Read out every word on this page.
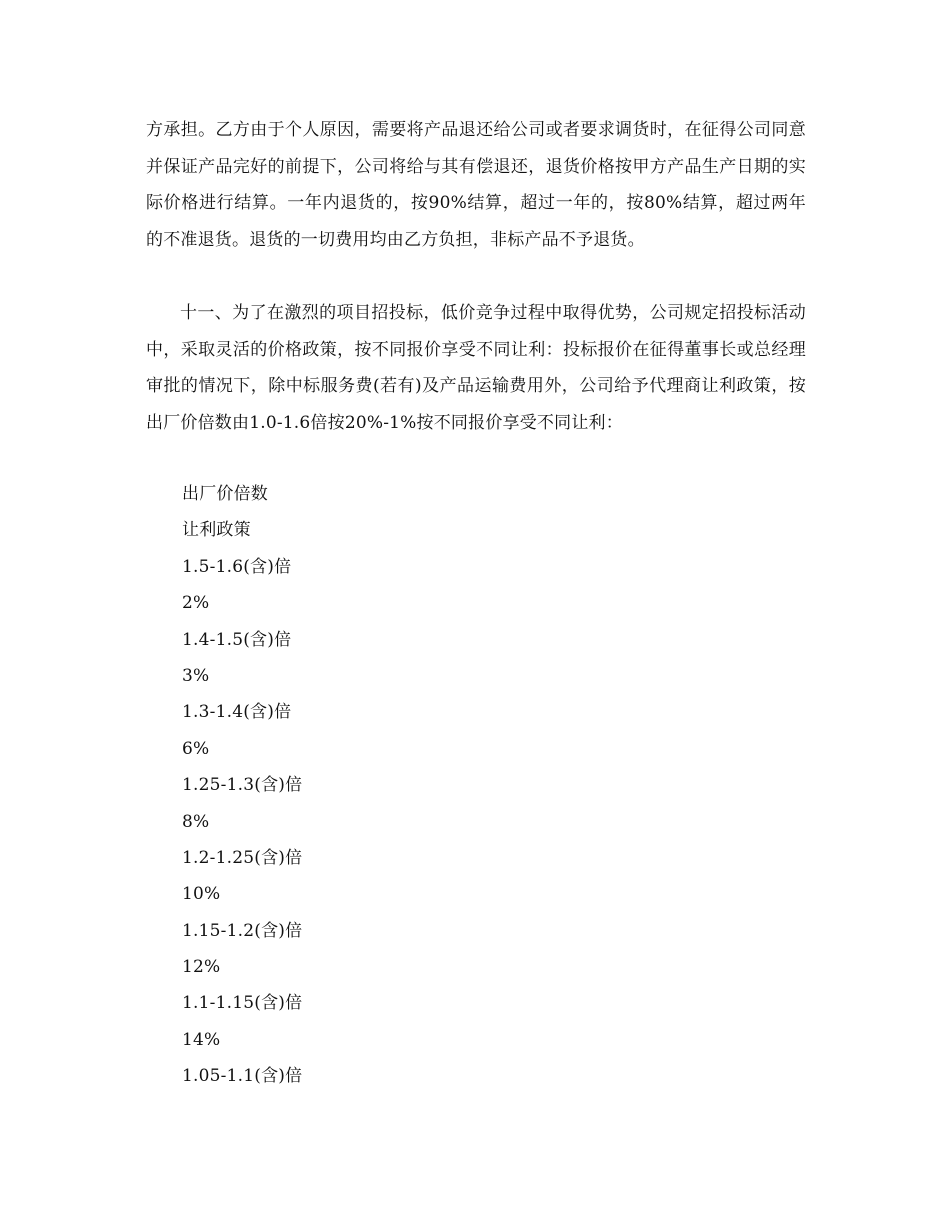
方承担。乙方由于个人原因，需要将产品退还给公司或者要求调货时，在征得公司同意并保证产品完好的前提下，公司将给与其有偿退还，退货价格按甲方产品生产日期的实际价格进行结算。一年内退货的，按90%结算，超过一年的，按80%结算，超过两年的不准退货。退货的一切费用均由乙方负担，非标产品不予退货。

十一、为了在激烈的项目招投标，低价竞争过程中取得优势，公司规定招投标活动中，采取灵活的价格政策，按不同报价享受不同让利：投标报价在征得董事长或总经理审批的情况下，除中标服务费(若有)及产品运输费用外，公司给予代理商让利政策，按出厂价倍数由1.0-1.6倍按20%-1%按不同报价享受不同让利：

出厂价倍数
让利政策
1.5-1.6(含)倍
2%
1.4-1.5(含)倍
3%
1.3-1.4(含)倍
6%
1.25-1.3(含)倍
8%
1.2-1.25(含)倍
10%
1.15-1.2(含)倍
12%
1.1-1.15(含)倍
14%
1.05-1.1(含)倍
